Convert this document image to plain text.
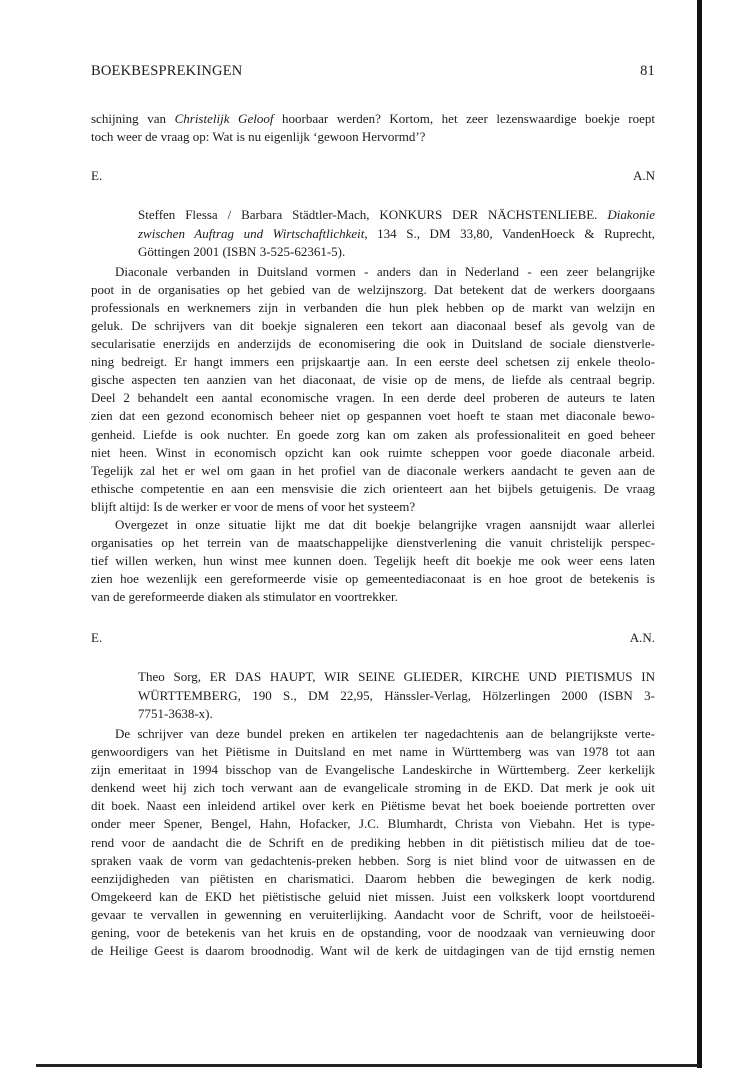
BOEKBESPREKINGEN	81
schijning van Christelijk Geloof hoorbaar werden? Kortom, het zeer lezenswaardige boekje roept
toch weer de vraag op: Wat is nu eigenlijk ‘gewoon Hervormd’?
E.	A.N
Steffen Flessa / Barbara Städtler-Mach, KONKURS DER NÄCHSTENLIEBE. Diakonie
zwischen Auftrag und Wirtschaftlichkeit, 134 S., DM 33,80, VandenHoeck & Ruprecht,
Göttingen 2001 (ISBN 3-525-62361-5).
Diaconale verbanden in Duitsland vormen - anders dan in Nederland - een zeer belangrijke
poot in de organisaties op het gebied van de welzijnszorg. Dat betekent dat de werkers doorgaans
professionals en werknemers zijn in verbanden die hun plek hebben op de markt van welzijn en
geluk. De schrijvers van dit boekje signaleren een tekort aan diaconaal besef als gevolg van de
secularisatie enerzijds en anderzijds de economisering die ook in Duitsland de sociale dienstverle-
ning bedreigt. Er hangt immers een prijskaartje aan. In een eerste deel schetsen zij enkele theolo-
gische aspecten ten aanzien van het diaconaat, de visie op de mens, de liefde als centraal begrip.
Deel 2 behandelt een aantal economische vragen. In een derde deel proberen de auteurs te laten
zien dat een gezond economisch beheer niet op gespannen voet hoeft te staan met diaconale bewo-
genheid. Liefde is ook nuchter. En goede zorg kan om zaken als professionaliteit en goed beheer
niet heen. Winst in economisch opzicht kan ook ruimte scheppen voor goede diaconale arbeid.
Tegelijk zal het er wel om gaan in het profiel van de diaconale werkers aandacht te geven aan de
ethische competentie en aan een mensvisie die zich orienteert aan het bijbels getuigenis. De vraag
blijft altijd: Is de werker er voor de mens of voor het systeem?
Overgezet in onze situatie lijkt me dat dit boekje belangrijke vragen aansnijdt waar allerlei
organisaties op het terrein van de maatschappelijke dienstverlening die vanuit christelijk perspec-
tief willen werken, hun winst mee kunnen doen. Tegelijk heeft dit boekje me ook weer eens laten
zien hoe wezenlijk een gereformeerde visie op gemeentediaconaat is en hoe groot de betekenis is
van de gereformeerde diaken als stimulator en voortrekker.
E.	A.N.
Theo Sorg, ER DAS HAUPT, WIR SEINE GLIEDER, KIRCHE UND PIETISMUS IN
WÜRTTEMBERG, 190 S., DM 22,95, Hänssler-Verlag, Hölzerlingen 2000 (ISBN 3-
7751-3638-x).
De schrijver van deze bundel preken en artikelen ter nagedachtenis aan de belangrijkste verte-
genwoordigers van het Piëtisme in Duitsland en met name in Württemberg was van 1978 tot aan
zijn emeritaat in 1994 bisschop van de Evangelische Landeskirche in Württemberg. Zeer kerkelijk
denkend weet hij zich toch verwant aan de evangelicale stroming in de EKD. Dat merk je ook uit
dit boek. Naast een inleidend artikel over kerk en Piëtisme bevat het boek boeiende portretten over
onder meer Spener, Bengel, Hahn, Hofacker, J.C. Blumhardt, Christa von Viebahn. Het is type-
rend voor de aandacht die de Schrift en de prediking hebben in dit piëtistisch milieu dat de toe-
spraken vaak de vorm van gedachtenis-preken hebben. Sorg is niet blind voor de uitwassen en de
eenzijdigheden van piëtisten en charismatici. Daarom hebben die bewegingen de kerk nodig.
Omgekeerd kan de EKD het piëtistische geluid niet missen. Juist een volkskerk loopt voortdurend
gevaar te vervallen in gewenning en veruiterlijking. Aandacht voor de Schrift, voor de heilstoeëi-
gening, voor de betekenis van het kruis en de opstanding, voor de noodzaak van vernieuwing door
de Heilige Geest is daarom broodnodig. Want wil de kerk de uitdagingen van de tijd ernstig nemen
